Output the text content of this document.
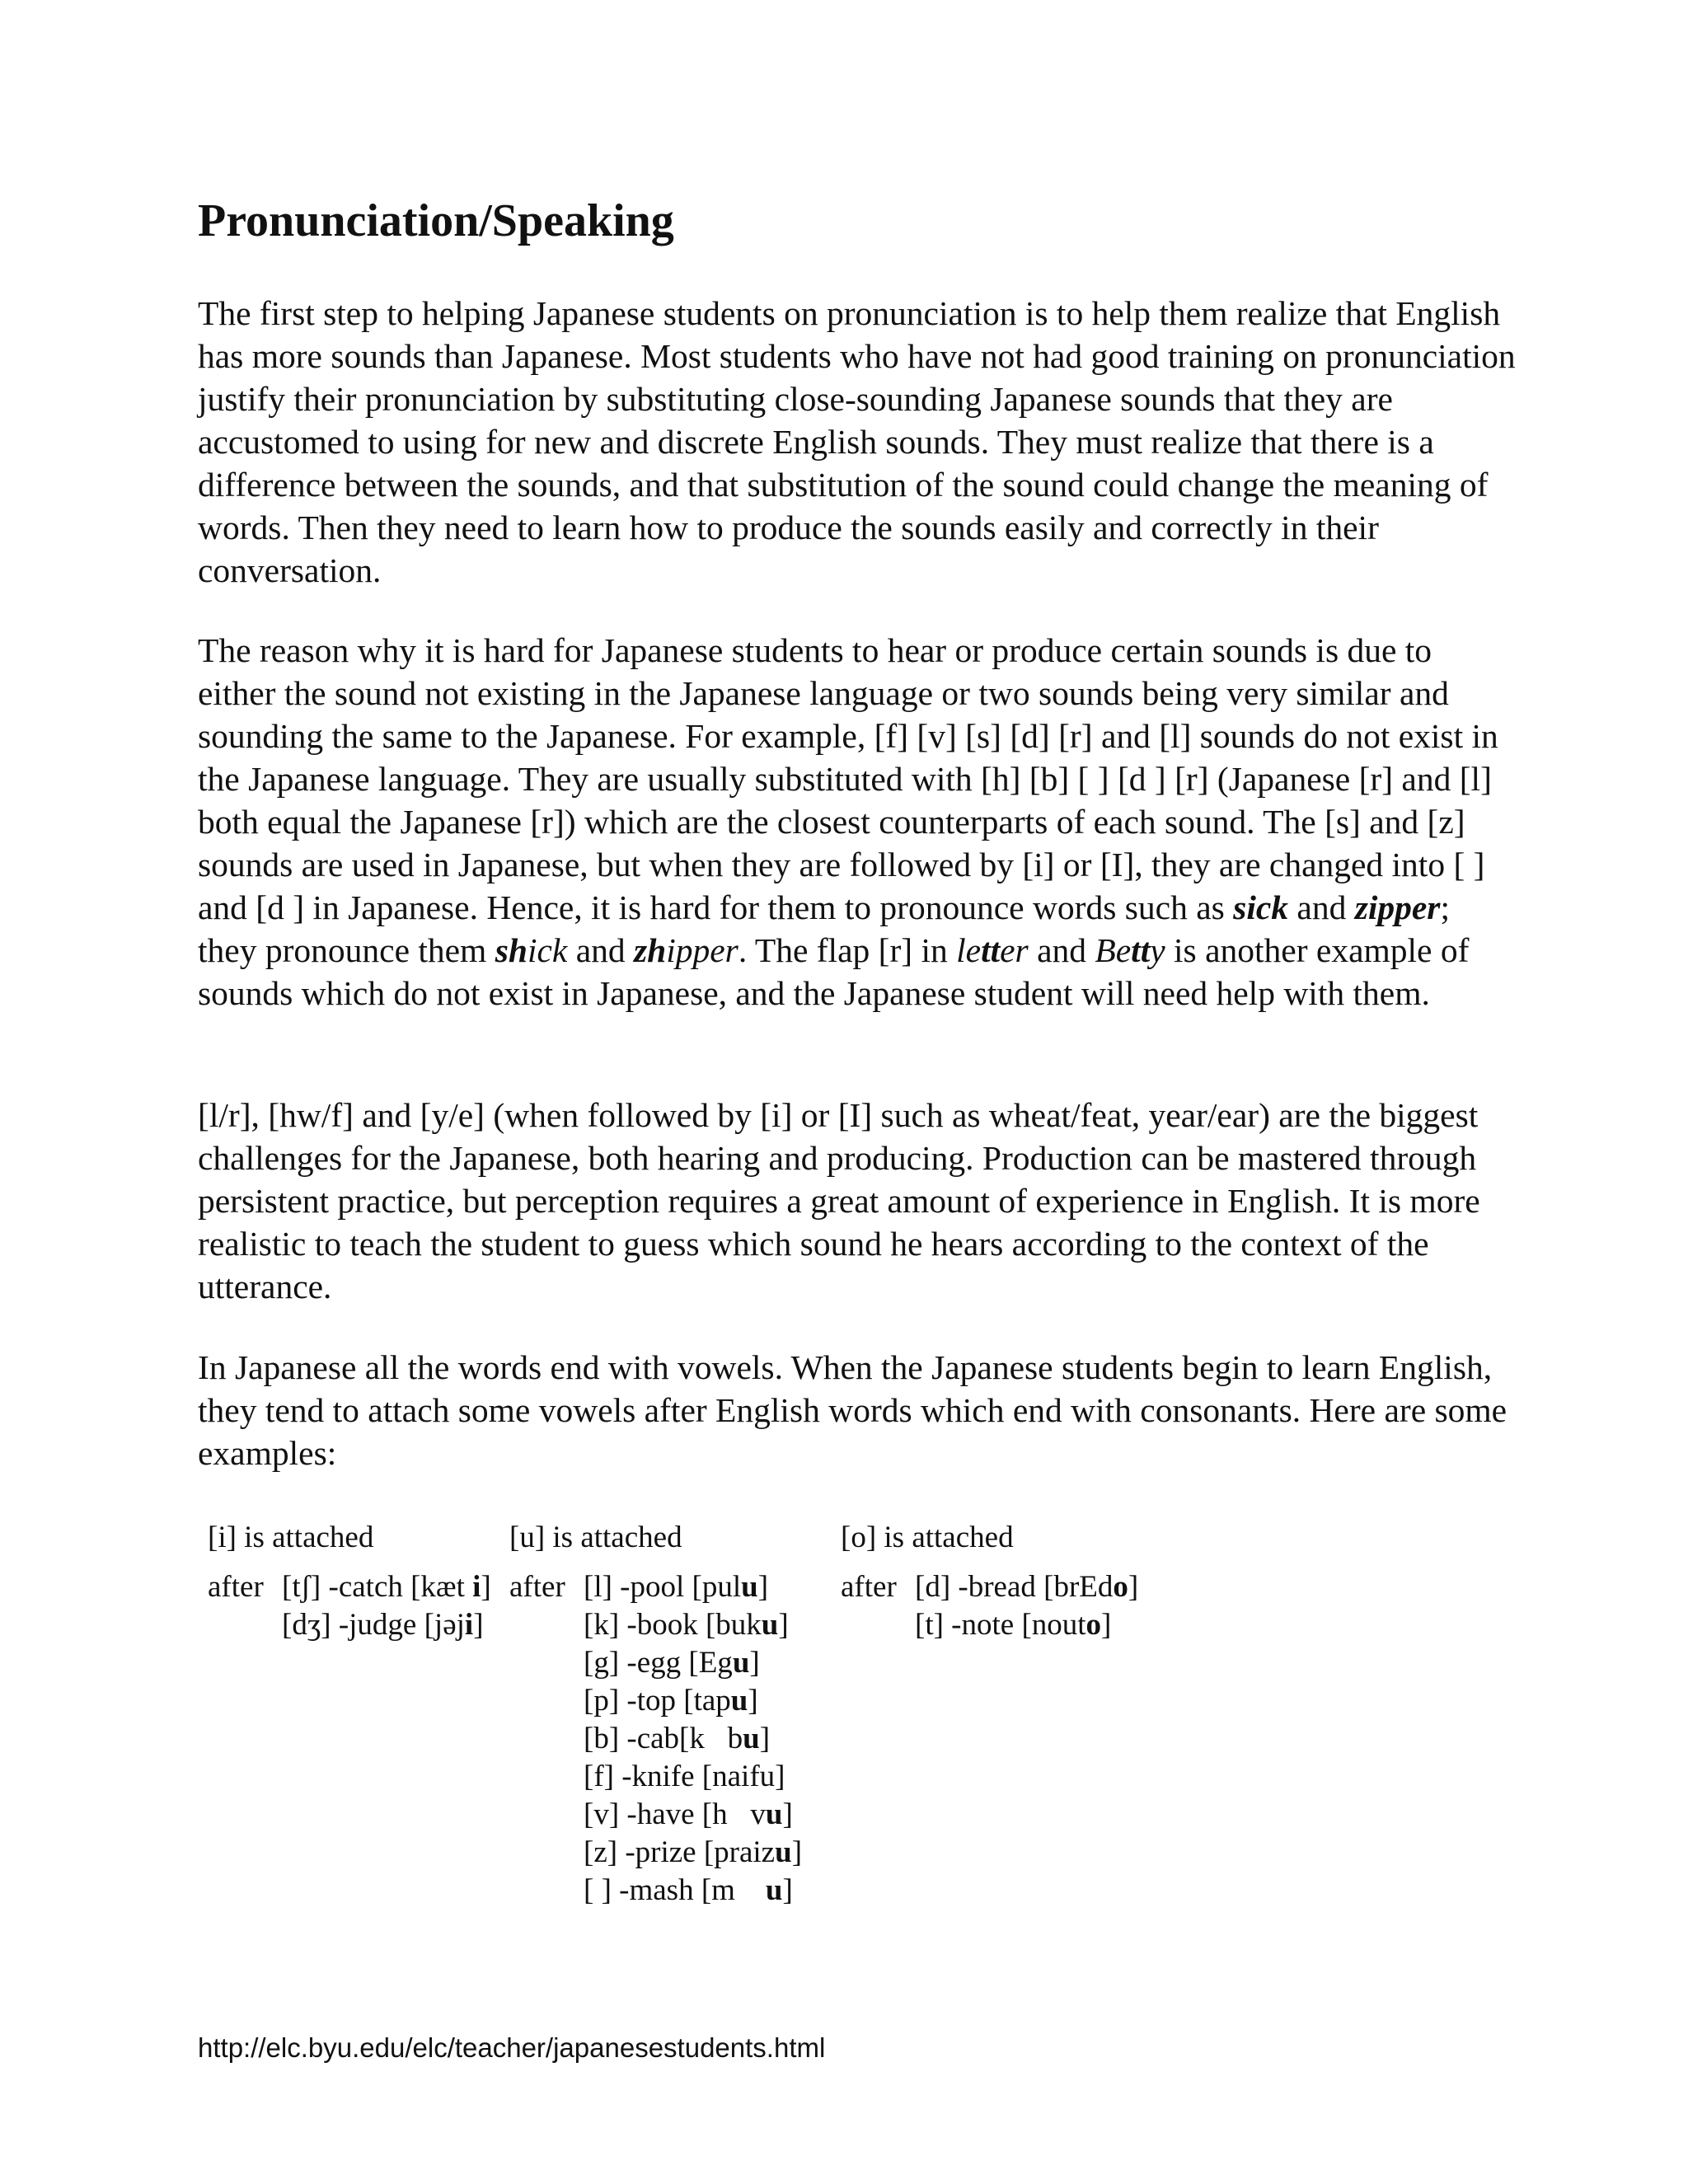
Pronunciation/Speaking

The first step to helping Japanese students on pronunciation is to help them realize that English has more sounds than Japanese. Most students who have not had good training on pronunciation justify their pronunciation by substituting close-sounding Japanese sounds that they are accustomed to using for new and discrete English sounds. They must realize that there is a difference between the sounds, and that substitution of the sound could change the meaning of words. Then they need to learn how to produce the sounds easily and correctly in their conversation.

The reason why it is hard for Japanese students to hear or produce certain sounds is due to either the sound not existing in the Japanese language or two sounds being very similar and sounding the same to the Japanese. For example, [f] [v] [s] [d] [r] and [l] sounds do not exist in the Japanese language. They are usually substituted with [h] [b] [ ] [d ] [r] (Japanese [r] and [l] both equal the Japanese [r]) which are the closest counterparts of each sound. The [s] and [z] sounds are used in Japanese, but when they are followed by [i] or [I], they are changed into [ ] and [d ] in Japanese. Hence, it is hard for them to pronounce words such as sick and zipper; they pronounce them shick and zhipper. The flap [r] in letter and Betty is another example of sounds which do not exist in Japanese, and the Japanese student will need help with them.

[l/r], [hw/f] and [y/e] (when followed by [i] or [I] such as wheat/feat, year/ear) are the biggest challenges for the Japanese, both hearing and producing. Production can be mastered through persistent practice, but perception requires a great amount of experience in English. It is more realistic to teach the student to guess which sound he hears according to the context of the utterance.

In Japanese all the words end with vowels. When the Japanese students begin to learn English, they tend to attach some vowels after English words which end with consonants. Here are some examples:

[i] is attached
after [tʃ] -catch [kæt i]
[dʒ] -judge [jəji]
[u] is attached
after [l] -pool [pulu]
[k] -book [buku]
[g] -egg [Egu]
[p] -top [tapu]
[b] -cab[k   bu]
[f] -knife [naifu]
[v] -have [h   vu]
[z] -prize [praizu]
[ ] -mash [m    u]
[o] is attached
after [d] -bread [brEdo]
[t] -note [nouto]
http://elc.byu.edu/elc/teacher/japanesestudents.html
